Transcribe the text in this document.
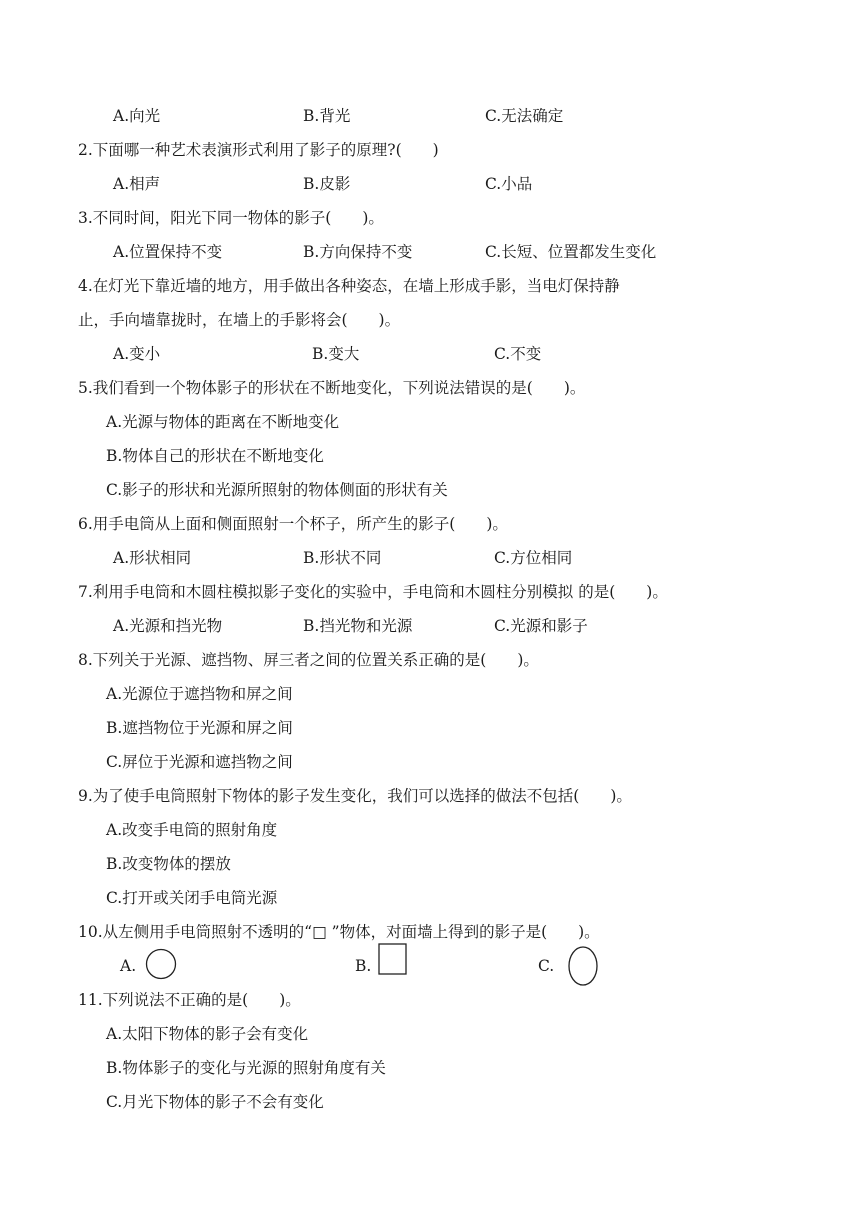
A.向光	B.背光	C.无法确定
2.下面哪一种艺术表演形式利用了影子的原理?(　　)
A.相声	B.皮影	C.小品
3.不同时间，阳光下同一物体的影子(　　)。
A.位置保持不变	B.方向保持不变	C.长短、位置都发生变化
4.在灯光下靠近墙的地方，用手做出各种姿态，在墙上形成手影，当电灯保持静
止，手向墙靠拢时，在墙上的手影将会(　　)。
A.变小	B.变大	C.不变
5.我们看到一个物体影子的形状在不断地变化，下列说法错误的是(　　)。
A.光源与物体的距离在不断地变化
B.物体自己的形状在不断地变化
C.影子的形状和光源所照射的物体侧面的形状有关
6.用手电筒从上面和侧面照射一个杯子，所产生的影子(　　)。
A.形状相同	B.形状不同	C.方位相同
7.利用手电筒和木圆柱模拟影子变化的实验中，手电筒和木圆柱分别模拟 的是(　　)。
A.光源和挡光物	B.挡光物和光源	C.光源和影子
8.下列关于光源、遮挡物、屏三者之间的位置关系正确的是(　　)。
A.光源位于遮挡物和屏之间
B.遮挡物位于光源和屏之间
C.屏位于光源和遮挡物之间
9.为了使手电筒照射下物体的影子发生变化，我们可以选择的做法不包括(　　)。
A.改变手电筒的照射角度
B.改变物体的摆放
C.打开或关闭手电筒光源
10.从左侧用手电筒照射不透明的“□ ”物体，对面墙上得到的影子是(　　)。
A.	B.	C.
11.下列说法不正确的是(　　)。
A.太阳下物体的影子会有变化
B.物体影子的变化与光源的照射角度有关
C.月光下物体的影子不会有变化
